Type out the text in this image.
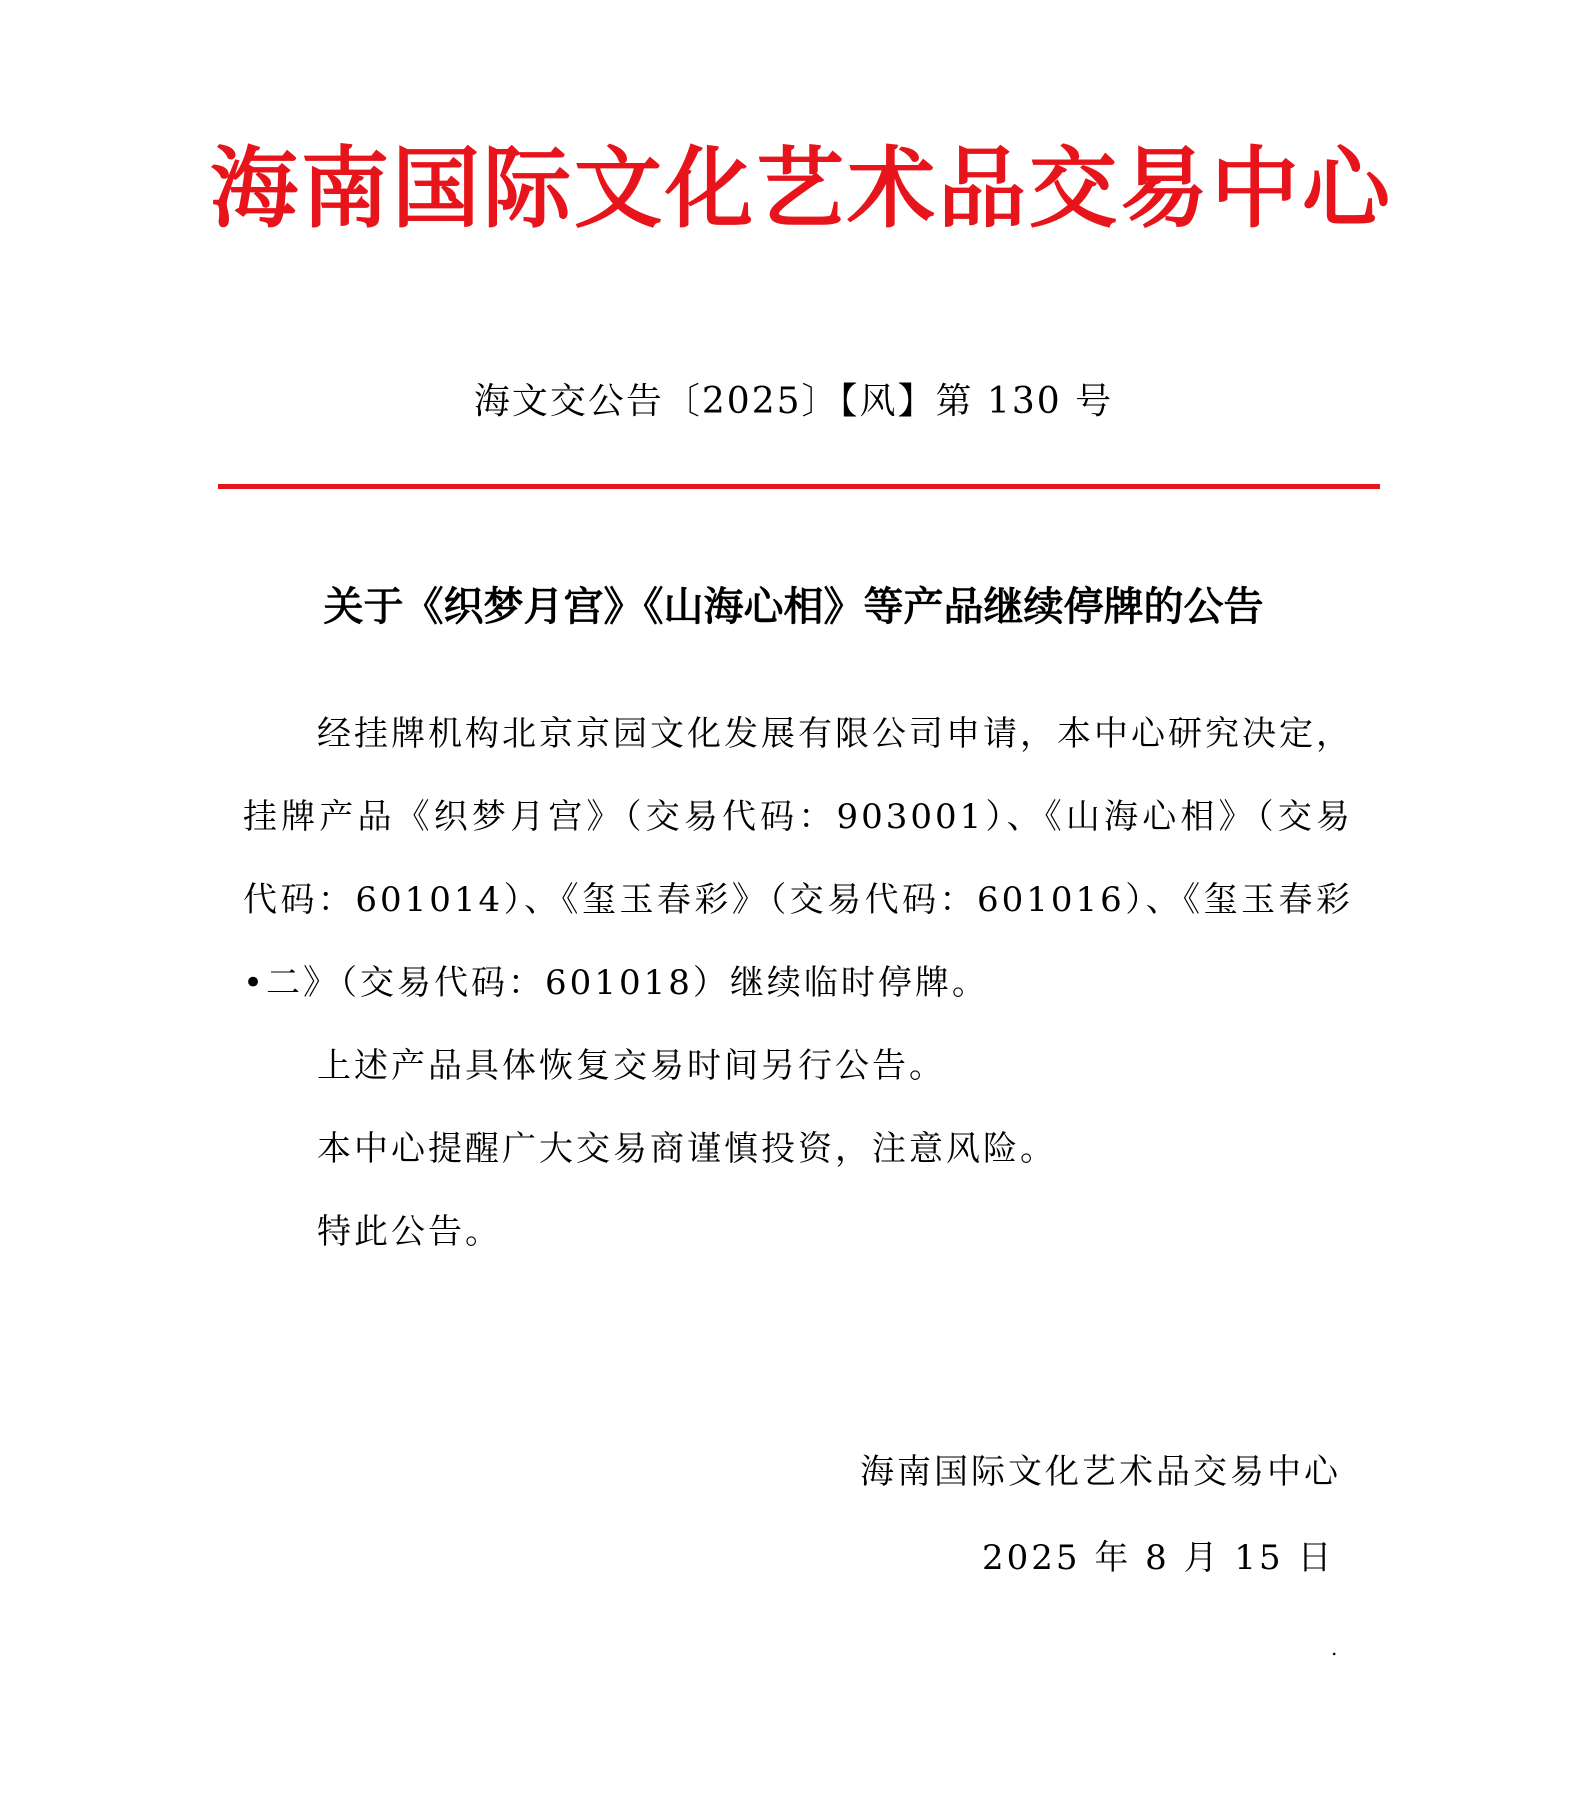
海 南 国 际 文 化 艺 术 品 交 易 中 心
海文交公告〔2025〕【风】第 130 号
关于《织梦月宫》《山海心相》等产品继续停牌的公告

经挂牌机构北京京园文化发展有限公司申请，本中心研究决定，挂牌产品《织梦月宫》（交易代码：903001）、《山海心相》（交易代码：601014）、《玺玉春彩》（交易代码：601016）、《玺玉春彩 •二》（交易代码：601018）继续临时停牌。

上述产品具体恢复交易时间另行公告。

本中心提醒广大交易商谨慎投资，注意风险。

特此公告。

海南国际文化艺术品交易中心
2025 年 8 月 15 日
.
